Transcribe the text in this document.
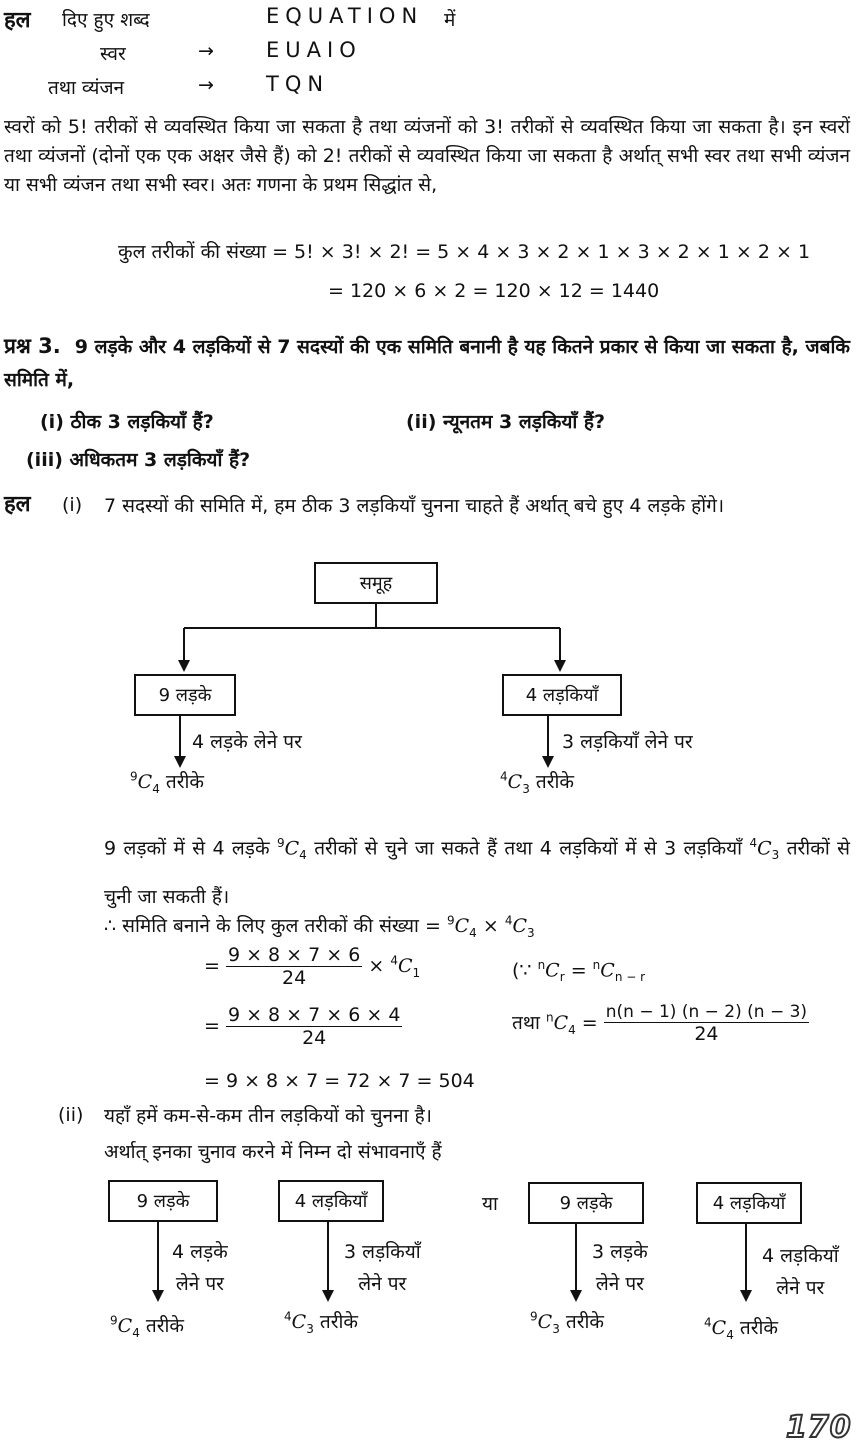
हल दिए हुए शब्द	EQUATION में
स्वर	→ EUAIO
तथा व्यंजन	→ TQN
स्वरों को 5! तरीकों से व्यवस्थित किया जा सकता है तथा व्यंजनों को 3! तरीकों से व्यवस्थित किया जा सकता है। इन स्वरों तथा व्यंजनों (दोनों एक एक अक्षर जैसे हैं) को 2! तरीकों से व्यवस्थित किया जा सकता है अर्थात् सभी स्वर तथा सभी व्यंजन या सभी व्यंजन तथा सभी स्वर। अतः गणना के प्रथम सिद्धांत से,
कुल तरीकों की संख्या = 5! × 3! × 2! = 5 × 4 × 3 × 2 × 1 × 3 × 2 × 1 × 2 × 1
= 120 × 6 × 2 = 120 × 12 = 1440
प्रश्न 3. 9 लड़के और 4 लड़कियों से 7 सदस्यों की एक समिति बनानी है यह कितने प्रकार से किया जा सकता है, जबकि समिति में,
(i) ठीक 3 लड़कियाँ हैं?	(ii) न्यूनतम 3 लड़कियाँ हैं?
(iii) अधिकतम 3 लड़कियाँ हैं?
हल (i) 7 सदस्यों की समिति में, हम ठीक 3 लड़कियाँ चुनना चाहते हैं अर्थात् बचे हुए 4 लड़के होंगे।
समूह
9 लड़के	4 लड़कियाँ
4 लड़के लेने पर	3 लड़कियाँ लेने पर
$^9C_4$ तरीके	$^4C_3$ तरीके
9 लड़कों में से 4 लड़के $^9C_4$ तरीकों से चुने जा सकते हैं तथा 4 लड़कियों में से 3 लड़कियाँ $^4C_3$ तरीकों से चुनी जा सकती हैं।
∴ समिति बनाने के लिए कुल तरीकों की संख्या = $^9C_4 \times ^4C_3$
= $\frac{9 \times 8 \times 7 \times 6}{24} \times ^4C_1$	(∵ $^nC_r = ^nC_{n - r}$
= $\frac{9 \times 8 \times 7 \times 6 \times 4}{24}$	तथा $^nC_4 = \frac{n(n - 1) (n - 2) (n - 3)}{24}$
= 9 × 8 × 7 = 72 × 7 = 504
(ii) यहाँ हमें कम-से-कम तीन लड़कियों को चुनना है।
अर्थात् इनका चुनाव करने में निम्न दो संभावनाएँ हैं
9 लड़के	4 लड़कियाँ	या	9 लड़के	4 लड़कियाँ
4 लड़के
लेने पर
3 लड़कियाँ
लेने पर
3 लड़के
लेने पर
4 लड़कियाँ
लेने पर
$^9C_4$ तरीके	$^4C_3$ तरीके	$^9C_3$ तरीके	$^4C_4$ तरीके
170
